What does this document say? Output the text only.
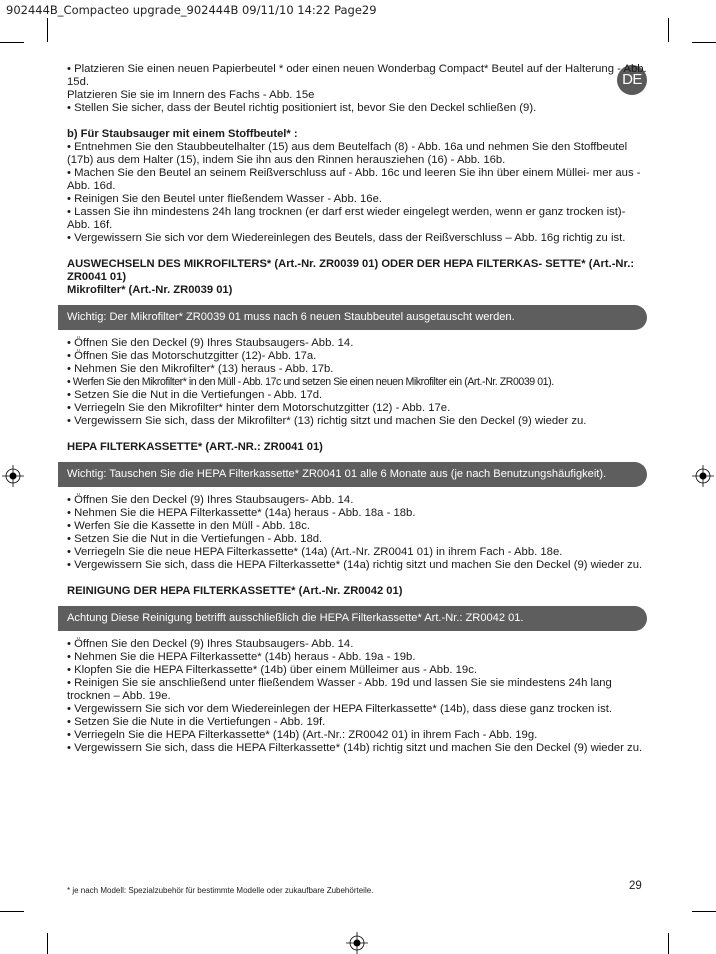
902444B_Compacteo upgrade_902444B 09/11/10 14:22 Page29
DE

• Platzieren Sie einen neuen Papierbeutel * oder einen neuen Wonderbag Compact* Beutel auf der Halterung - Abb. 15d.

Platzieren Sie sie im Innern des Fachs - Abb. 15e

• Stellen Sie sicher, dass der Beutel richtig positioniert ist, bevor Sie den Deckel schließen (9).

b) Für Staubsauger mit einem Stoffbeutel* :

• Entnehmen Sie den Staubbeutelhalter (15) aus dem Beutelfach (8) - Abb. 16a und nehmen Sie den Stoffbeutel (17b) aus dem Halter (15), indem Sie ihn aus den Rinnen herausziehen (16) - Abb. 16b.

• Machen Sie den Beutel an seinem Reißverschluss auf - Abb. 16c und leeren Sie ihn über einem Müllei- mer aus - Abb. 16d.

• Reinigen Sie den Beutel unter fließendem Wasser - Abb. 16e.

• Lassen Sie ihn mindestens 24h lang trocknen (er darf erst wieder eingelegt werden, wenn er ganz trocken ist)- Abb. 16f.

• Vergewissern Sie sich vor dem Wiedereinlegen des Beutels, dass der Reißverschluss – Abb. 16g richtig zu ist.

AUSWECHSELN DES MIKROFILTERS* (Art.-Nr. ZR0039 01) ODER DER HEPA FILTERKAS- SETTE* (Art.-Nr.: ZR0041 01)

Mikrofilter* (Art.-Nr. ZR0039 01)

Wichtig: Der Mikrofilter* ZR0039 01 muss nach 6 neuen Staubbeutel ausgetauscht werden.

• Öffnen Sie den Deckel (9) Ihres Staubsaugers- Abb. 14.

• Öffnen Sie das Motorschutzgitter (12)- Abb. 17a.

• Nehmen Sie den Mikrofilter* (13) heraus - Abb. 17b.

• Werfen Sie den Mikrofilter* in den Müll - Abb. 17c und setzen Sie einen neuen Mikrofilter ein (Art.-Nr. ZR0039 01).

• Setzen Sie die Nut in die Vertiefungen - Abb. 17d.

• Verriegeln Sie den Mikrofilter* hinter dem Motorschutzgitter (12) - Abb. 17e.

• Vergewissern Sie sich, dass der Mikrofilter* (13) richtig sitzt und machen Sie den Deckel (9) wieder zu.

HEPA FILTERKASSETTE* (ART.-NR.: ZR0041 01)

Wichtig: Tauschen Sie die HEPA Filterkassette* ZR0041 01 alle 6 Monate aus (je nach Benutzungshäufigkeit).

• Öffnen Sie den Deckel (9) Ihres Staubsaugers- Abb. 14.

• Nehmen Sie die HEPA Filterkassette* (14a) heraus - Abb. 18a - 18b.

• Werfen Sie die Kassette in den Müll - Abb. 18c.

• Setzen Sie die Nut in die Vertiefungen - Abb. 18d.

• Verriegeln Sie die neue HEPA Filterkassette* (14a) (Art.-Nr. ZR0041 01) in ihrem Fach - Abb. 18e.

• Vergewissern Sie sich, dass die HEPA Filterkassette* (14a) richtig sitzt und machen Sie den Deckel (9) wieder zu.

REINIGUNG DER HEPA FILTERKASSETTE* (Art.-Nr. ZR0042 01)

Achtung Diese Reinigung betrifft ausschließlich die HEPA Filterkassette* Art.-Nr.: ZR0042 01.

• Öffnen Sie den Deckel (9) Ihres Staubsaugers- Abb. 14.

• Nehmen Sie die HEPA Filterkassette* (14b) heraus - Abb. 19a - 19b.

• Klopfen Sie die HEPA Filterkassette* (14b) über einem Mülleimer aus - Abb. 19c.

• Reinigen Sie sie anschließend unter fließendem Wasser - Abb. 19d und lassen Sie sie mindestens 24h lang trocknen – Abb. 19e.

• Vergewissern Sie sich vor dem Wiedereinlegen der HEPA Filterkassette* (14b), dass diese ganz trocken ist.

• Setzen Sie die Nute in die Vertiefungen - Abb. 19f.

• Verriegeln Sie die HEPA Filterkassette* (14b) (Art.-Nr.: ZR0042 01) in ihrem Fach - Abb. 19g.

• Vergewissern Sie sich, dass die HEPA Filterkassette* (14b) richtig sitzt und machen Sie den Deckel (9) wieder zu.

* je nach Modell: Spezialzubehör für bestimmte Modelle oder zukaufbare Zubehörteile.	29
